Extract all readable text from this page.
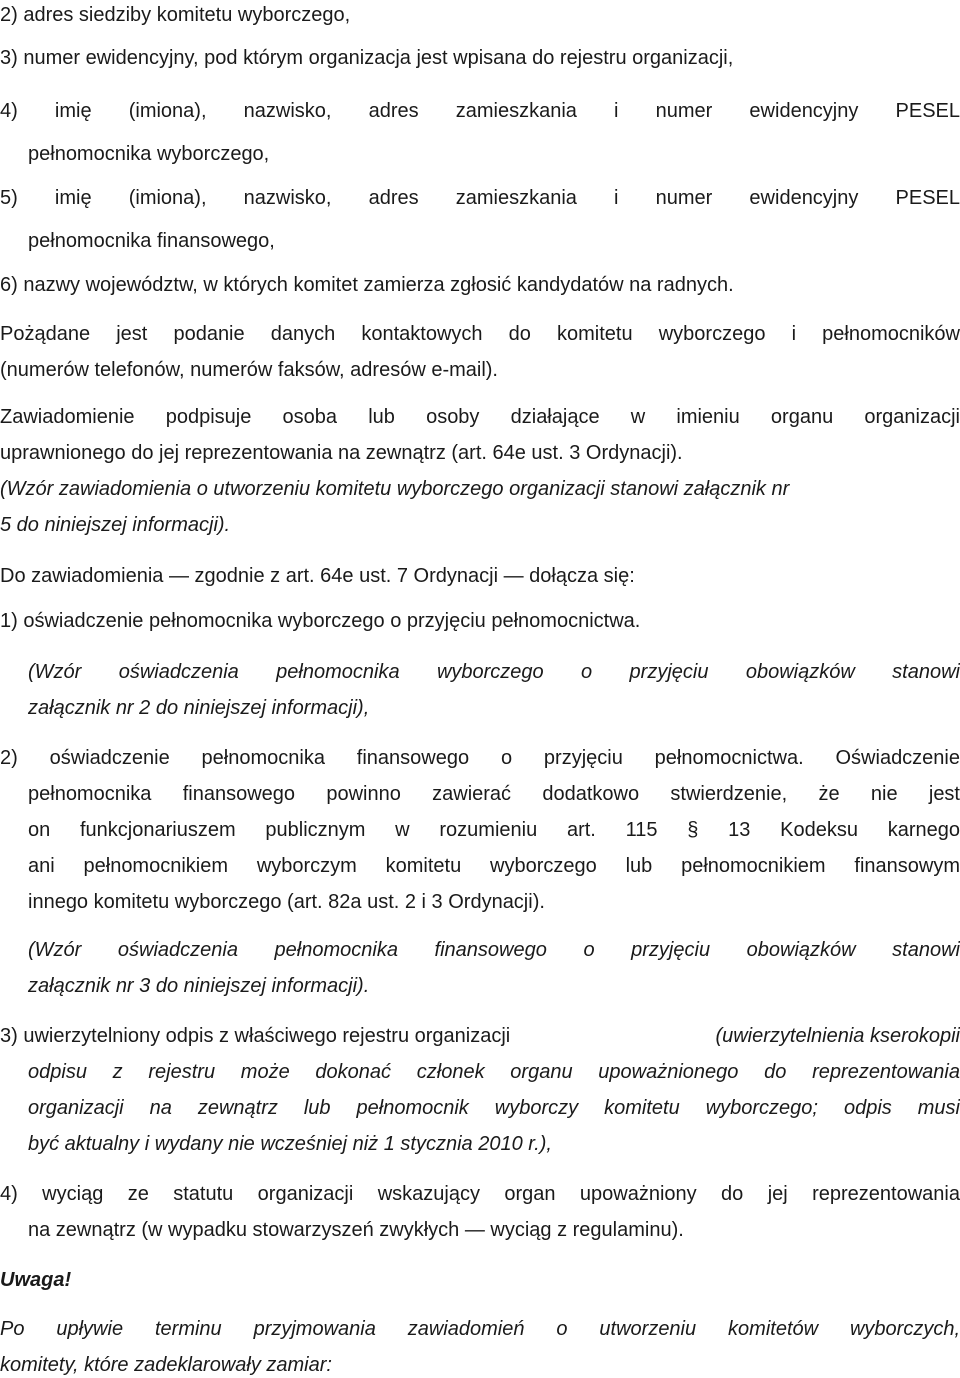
2) adres siedziby komitetu wyborczego,
3) numer ewidencyjny, pod którym organizacja jest wpisana do rejestru organizacji,
4) imię (imiona), nazwisko, adres zamieszkania i numer ewidencyjny PESEL
pełnomocnika wyborczego,
5) imię (imiona), nazwisko, adres zamieszkania i numer ewidencyjny PESEL
pełnomocnika finansowego,
6) nazwy województw, w których komitet zamierza zgłosić kandydatów na radnych.
Pożądane jest podanie danych kontaktowych do komitetu wyborczego i pełnomocników
(numerów telefonów, numerów faksów, adresów e-mail).
Zawiadomienie podpisuje osoba lub osoby działające w imieniu organu organizacji
uprawnionego do jej reprezentowania na zewnątrz (art. 64e ust. 3 Ordynacji).
(Wzór zawiadomienia o utworzeniu komitetu wyborczego organizacji stanowi załącznik nr
5 do niniejszej informacji).
Do zawiadomienia — zgodnie z art. 64e ust. 7 Ordynacji — dołącza się:
1) oświadczenie pełnomocnika wyborczego o przyjęciu pełnomocnictwa.
(Wzór oświadczenia pełnomocnika wyborczego o przyjęciu obowiązków stanowi
załącznik nr 2 do niniejszej informacji),
2) oświadczenie pełnomocnika finansowego o przyjęciu pełnomocnictwa. Oświadczenie
pełnomocnika finansowego powinno zawierać dodatkowo stwierdzenie, że nie jest
on funkcjonariuszem publicznym w rozumieniu art. 115 § 13 Kodeksu karnego
ani pełnomocnikiem wyborczym komitetu wyborczego lub pełnomocnikiem finansowym
innego komitetu wyborczego (art. 82a ust. 2 i 3 Ordynacji).
(Wzór oświadczenia pełnomocnika finansowego o przyjęciu obowiązków stanowi
załącznik nr 3 do niniejszej informacji).
3) uwierzytelniony odpis z właściwego rejestru organizacji	(uwierzytelnienia kserokopii
odpisu z rejestru może dokonać członek organu upoważnionego do reprezentowania
organizacji na zewnątrz lub pełnomocnik wyborczy komitetu wyborczego; odpis musi
być aktualny i wydany nie wcześniej niż 1 stycznia 2010 r.),
4) wyciąg ze statutu organizacji wskazujący organ upoważniony do jej reprezentowania
na zewnątrz (w wypadku stowarzyszeń zwykłych — wyciąg z regulaminu).
Uwaga!
Po upływie terminu przyjmowania zawiadomień o utworzeniu komitetów wyborczych,
komitety, które zadeklarowały zamiar:
